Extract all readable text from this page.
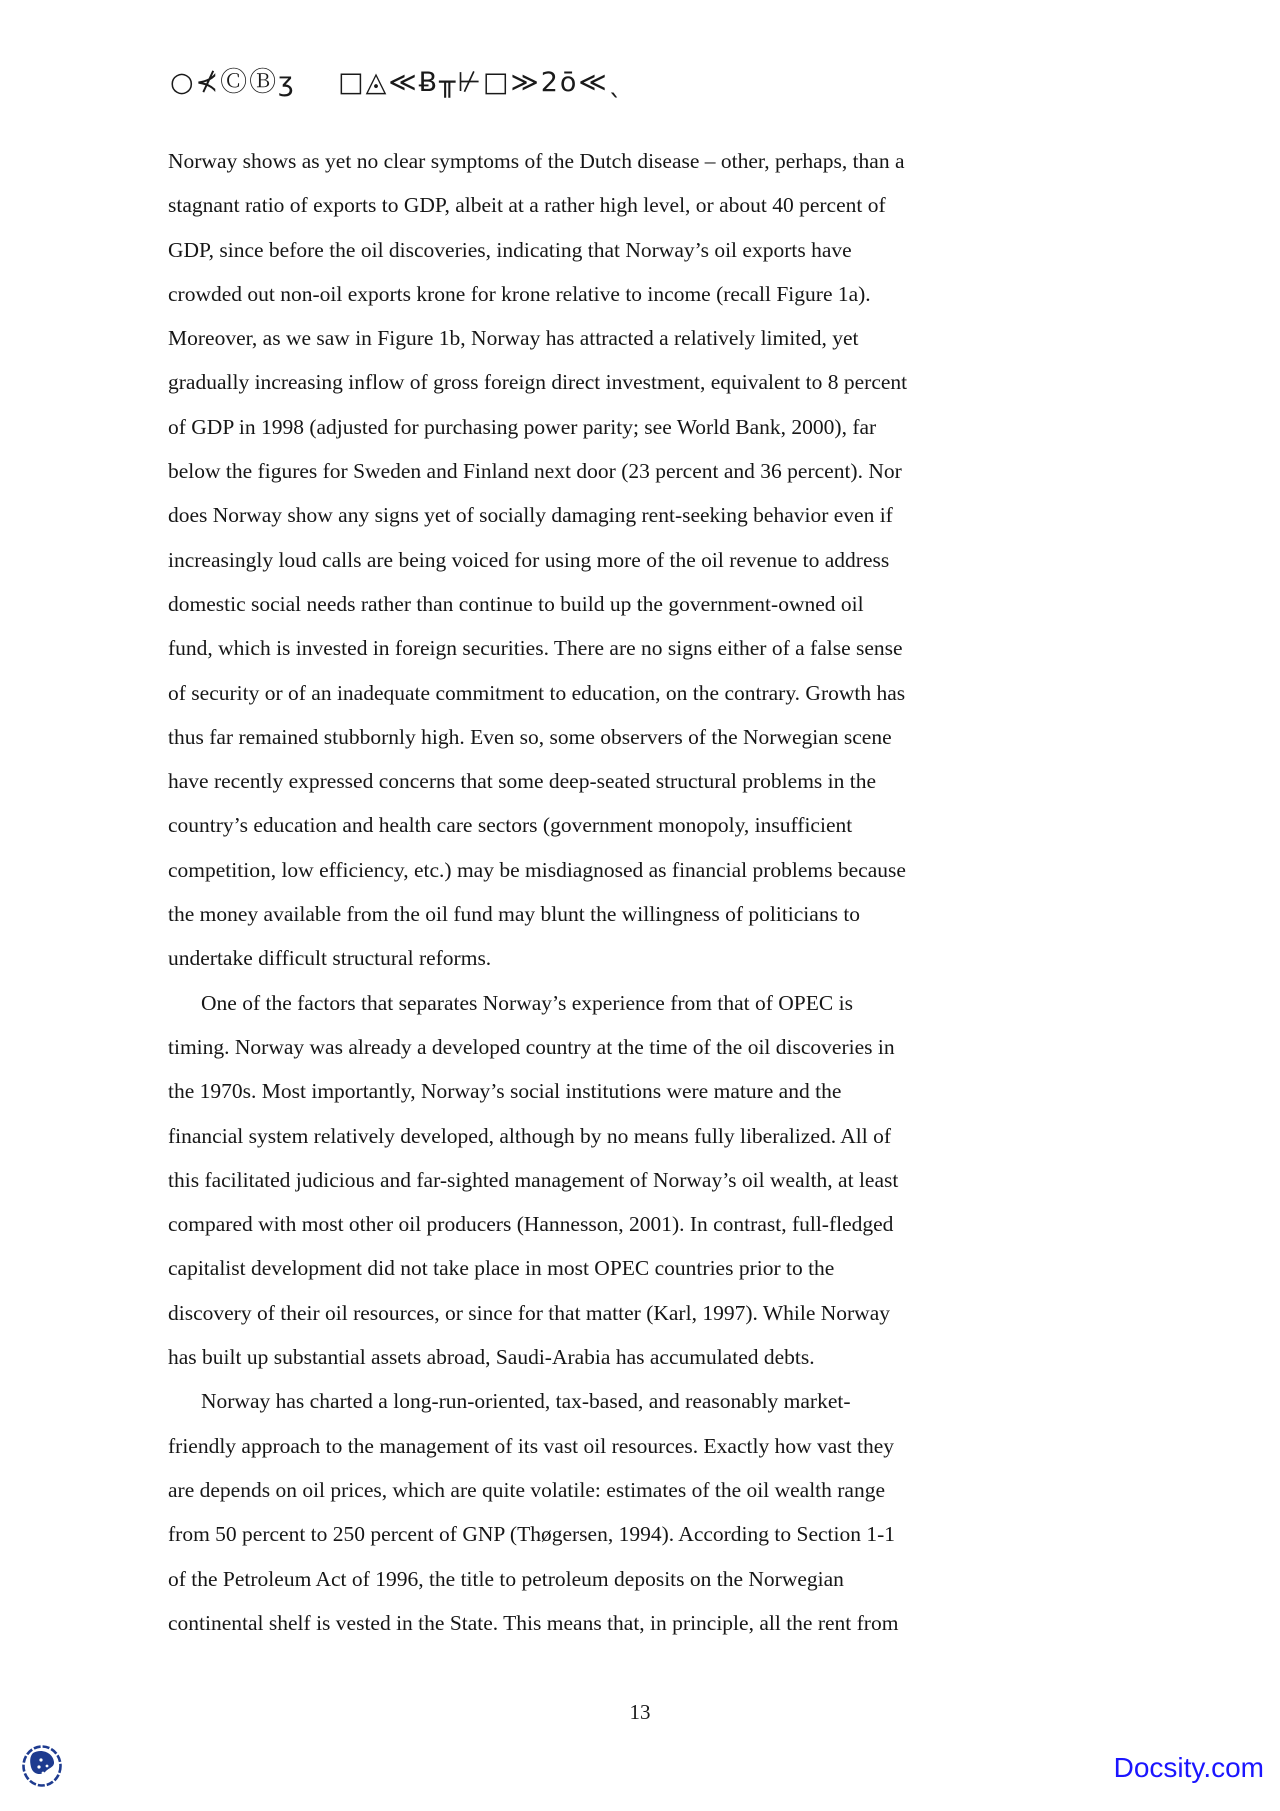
○⊀ⒸⒷʒ    □◬≪Ƀ╥⊬□≫2ō≪ˎ
Norway shows as yet no clear symptoms of the Dutch disease – other, perhaps, than a
stagnant ratio of exports to GDP, albeit at a rather high level, or about 40 percent of
GDP, since before the oil discoveries, indicating that Norway’s oil exports have
crowded out non-oil exports krone for krone relative to income (recall Figure 1a).
Moreover, as we saw in Figure 1b, Norway has attracted a relatively limited, yet
gradually increasing inflow of gross foreign direct investment, equivalent to 8 percent
of GDP in 1998 (adjusted for purchasing power parity; see World Bank, 2000), far
below the figures for Sweden and Finland next door (23 percent and 36 percent). Nor
does Norway show any signs yet of socially damaging rent-seeking behavior even if
increasingly loud calls are being voiced for using more of the oil revenue to address
domestic social needs rather than continue to build up the government-owned oil
fund, which is invested in foreign securities. There are no signs either of a false sense
of security or of an inadequate commitment to education, on the contrary. Growth has
thus far remained stubbornly high. Even so, some observers of the Norwegian scene
have recently expressed concerns that some deep-seated structural problems in the
country’s education and health care sectors (government monopoly, insufficient
competition, low efficiency, etc.) may be misdiagnosed as financial problems because
the money available from the oil fund may blunt the willingness of politicians to
undertake difficult structural reforms.
One of the factors that separates Norway’s experience from that of OPEC is
timing. Norway was already a developed country at the time of the oil discoveries in
the 1970s. Most importantly, Norway’s social institutions were mature and the
financial system relatively developed, although by no means fully liberalized. All of
this facilitated judicious and far-sighted management of Norway’s oil wealth, at least
compared with most other oil producers (Hannesson, 2001). In contrast, full-fledged
capitalist development did not take place in most OPEC countries prior to the
discovery of their oil resources, or since for that matter (Karl, 1997). While Norway
has built up substantial assets abroad, Saudi-Arabia has accumulated debts.
Norway has charted a long-run-oriented, tax-based, and reasonably market-
friendly approach to the management of its vast oil resources. Exactly how vast they
are depends on oil prices, which are quite volatile: estimates of the oil wealth range
from 50 percent to 250 percent of GNP (Thøgersen, 1994). According to Section 1-1
of the Petroleum Act of 1996, the title to petroleum deposits on the Norwegian
continental shelf is vested in the State. This means that, in principle, all the rent from
13
Docsity.com
